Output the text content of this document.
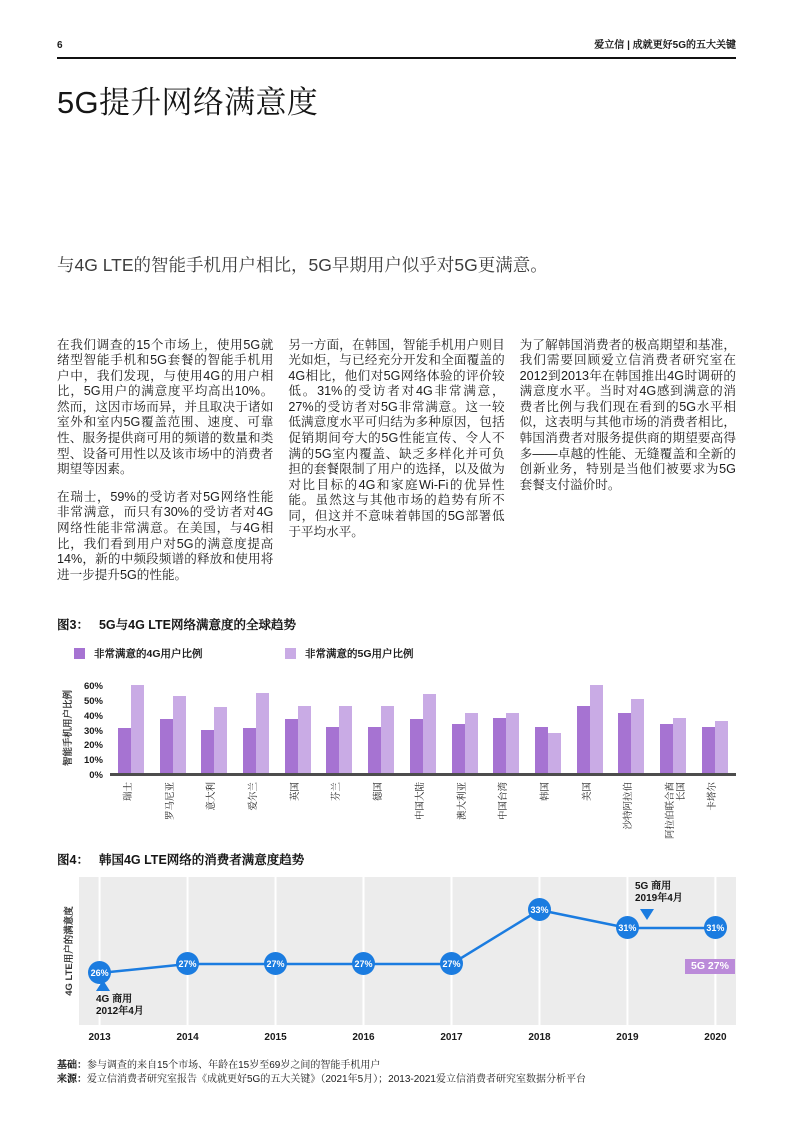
6	爱立信 | 成就更好5G的五大关键
5G提升网络满意度
与4G LTE的智能手机用户相比，5G早期用户似乎对5G更满意。

在我们调查的15个市场上，使用5G就绪型智能手机和5G套餐的智能手机用户中，我们发现，与使用4G的用户相比，5G用户的满意度平均高出10%。然而，这因市场而异，并且取决于诸如室外和室内5G覆盖范围、速度、可靠性、服务提供商可用的频谱的数量和类型、设备可用性以及该市场中的消费者期望等因素。

在瑞士，59%的受访者对5G网络性能非常满意，而只有30%的受访者对4G网络性能非常满意。在美国，与4G相比，我们看到用户对5G的满意度提高14%，新的中频段频谱的释放和使用将进一步提升5G的性能。

另一方面，在韩国，智能手机用户则目光如炬，与已经充分开发和全面覆盖的4G相比，他们对5G网络体验的评价较低。31%的受访者对4G非常满意，27%的受访者对5G非常满意。这一较低满意度水平可归结为多种原因，包括促销期间夸大的5G性能宣传、令人不满的5G室内覆盖、缺乏多样化并可负担的套餐限制了用户的选择，以及做为对比目标的4G和家庭Wi-Fi的优异性能。虽然这与其他市场的趋势有所不同，但这并不意味着韩国的5G部署低于平均水平。

为了解韩国消费者的极高期望和基准，我们需要回顾爱立信消费者研究室在2012到2013年在韩国推出4G时调研的满意度水平。当时对4G感到满意的消费者比例与我们现在看到的5G水平相似，这表明与其他市场的消费者相比，韩国消费者对服务提供商的期望要高得多——卓越的性能、无缝覆盖和全新的创新业务，特别是当他们被要求为5G套餐支付溢价时。

图3： 5G与4G LTE网络满意度的全球趋势
非常满意的4G用户比例	非常满意的5G用户比例
智能手机用户比例
0%
10%
20%
30%
40%
50%
60%
瑞士	罗马尼亚	意大利	爱尔兰	英国	芬兰	德国	中国大陆	澳大利亚	中国台湾	韩国	美国	沙特阿拉伯	阿拉伯联合酋长国 卡塔尔
图4： 韩国4G LTE网络的消费者满意度趋势
4G LTE用户的满意度
4G 商用
2012年4月
5G 商用
2019年4月
5G 27%
26%
27%	27%	27%	27%
33%
31%	31%
2013	2014	2015	2016	2017	2018	2019	2020
基础：参与调查的来自15个市场、年龄在15岁至69岁之间的智能手机用户
来源：爱立信消费者研究室报告《成就更好5G的五大关键》（2021年5月）；2013-2021爱立信消费者研究室数据分析平台
